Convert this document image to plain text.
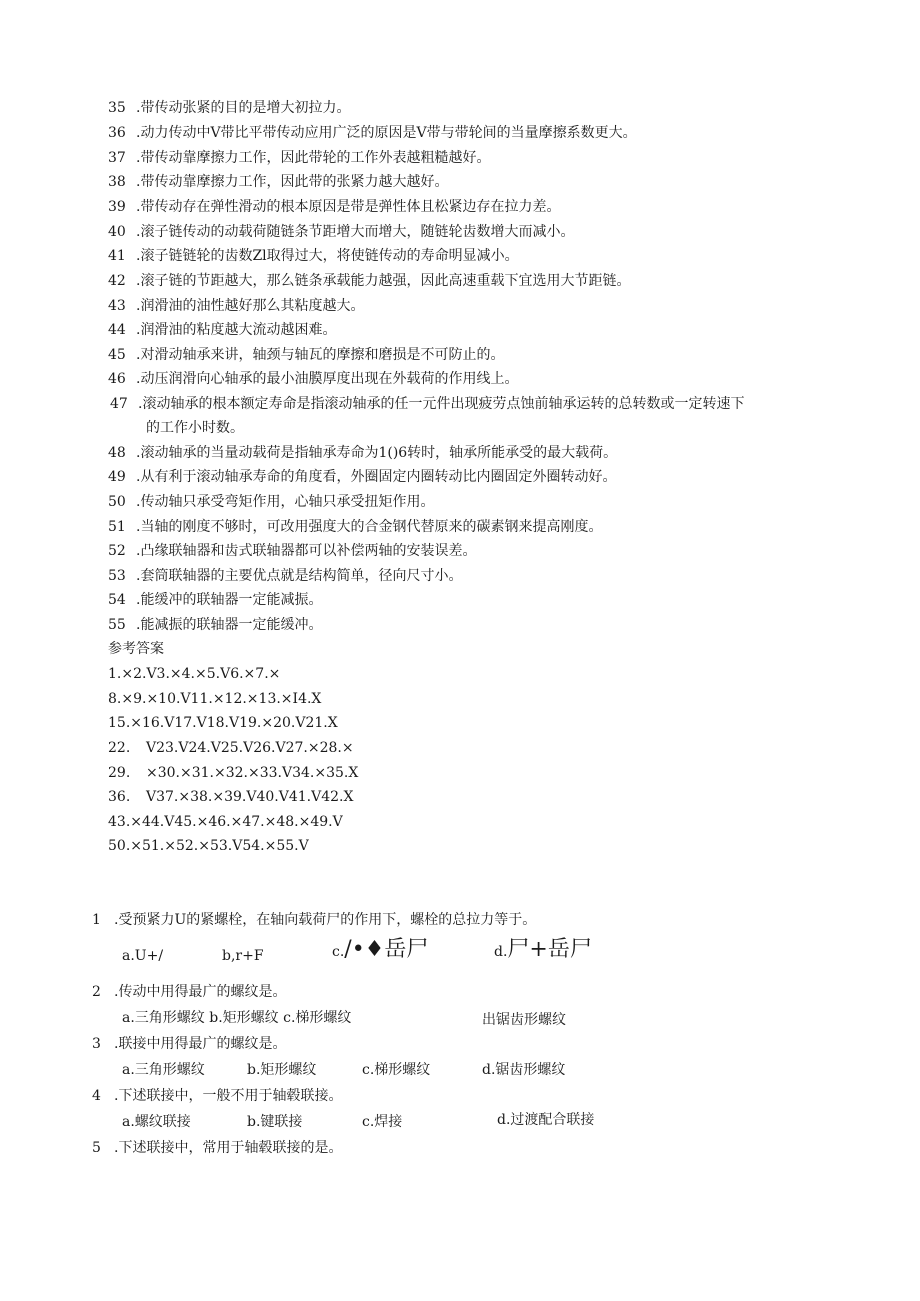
35 .带传动张紧的目的是增大初拉力。
36 .动力传动中V带比平带传动应用广泛的原因是V带与带轮间的当量摩擦系数更大。
37 .带传动靠摩擦力工作，因此带轮的工作外表越粗糙越好。
38 .带传动靠摩擦力工作，因此带的张紧力越大越好。
39 .带传动存在弹性滑动的根本原因是带是弹性体且松紧边存在拉力差。
40 .滚子链传动的动载荷随链条节距增大而增大，随链轮齿数增大而减小。
41 .滚子链链轮的齿数Zl取得过大，将使链传动的寿命明显减小。
42 .滚子链的节距越大，那么链条承载能力越强，因此高速重载下宜选用大节距链。
43 .润滑油的油性越好那么其粘度越大。
44 .润滑油的粘度越大流动越困难。
45 .对滑动轴承来讲，轴颈与轴瓦的摩擦和磨损是不可防止的。
46 .动压润滑向心轴承的最小油膜厚度出现在外载荷的作用线上。
47 .滚动轴承的根本额定寿命是指滚动轴承的任一元件出现疲劳点蚀前轴承运转的总转数或一定转速下
的工作小时数。
48 .滚动轴承的当量动载荷是指轴承寿命为1()6转时，轴承所能承受的最大载荷。
49 .从有利于滚动轴承寿命的角度看，外圈固定内圈转动比内圈固定外圈转动好。
50 .传动轴只承受弯矩作用，心轴只承受扭矩作用。
51 .当轴的刚度不够时，可改用强度大的合金钢代替原来的碳素钢来提高刚度。
52 .凸缘联轴器和齿式联轴器都可以补偿两轴的安装误差。
53 .套筒联轴器的主要优点就是结构简单，径向尺寸小。
54 .能缓冲的联轴器一定能减振。
55 .能减振的联轴器一定能缓冲。
参考答案
1.×2.V3.×4.×5.V6.×7.×
8.×9.×10.V11.×12.×13.×I4.X
15.×16.V17.V18.V19.×20.V21.X
22. V23.V24.V25.V26.V27.×28.×
29. ×30.×31.×32.×33.V34.×35.X
36. V37.×38.×39.V40.V41.V42.X
43.×44.V45.×46.×47.×48.×49.V
50.×51.×52.×53.V54.×55.V
1 .受预紧力U的紧螺栓，在轴向载荷尸的作用下，螺栓的总拉力等于。
a.U+/	b,r+F	c./•♦岳尸	d.尸+岳尸
2 .传动中用得最广的螺纹是。
a.三角形螺纹 b.矩形螺纹 c.梯形螺纹	出锯齿形螺纹
3 .联接中用得最广的螺纹是。
a.三角形螺纹	b.矩形螺纹	c.梯形螺纹	d.锯齿形螺纹
4 .下述联接中，一般不用于轴毂联接。
a.螺纹联接	b.键联接	c.焊接	d.过渡配合联接
5 .下述联接中，常用于轴毂联接的是。
